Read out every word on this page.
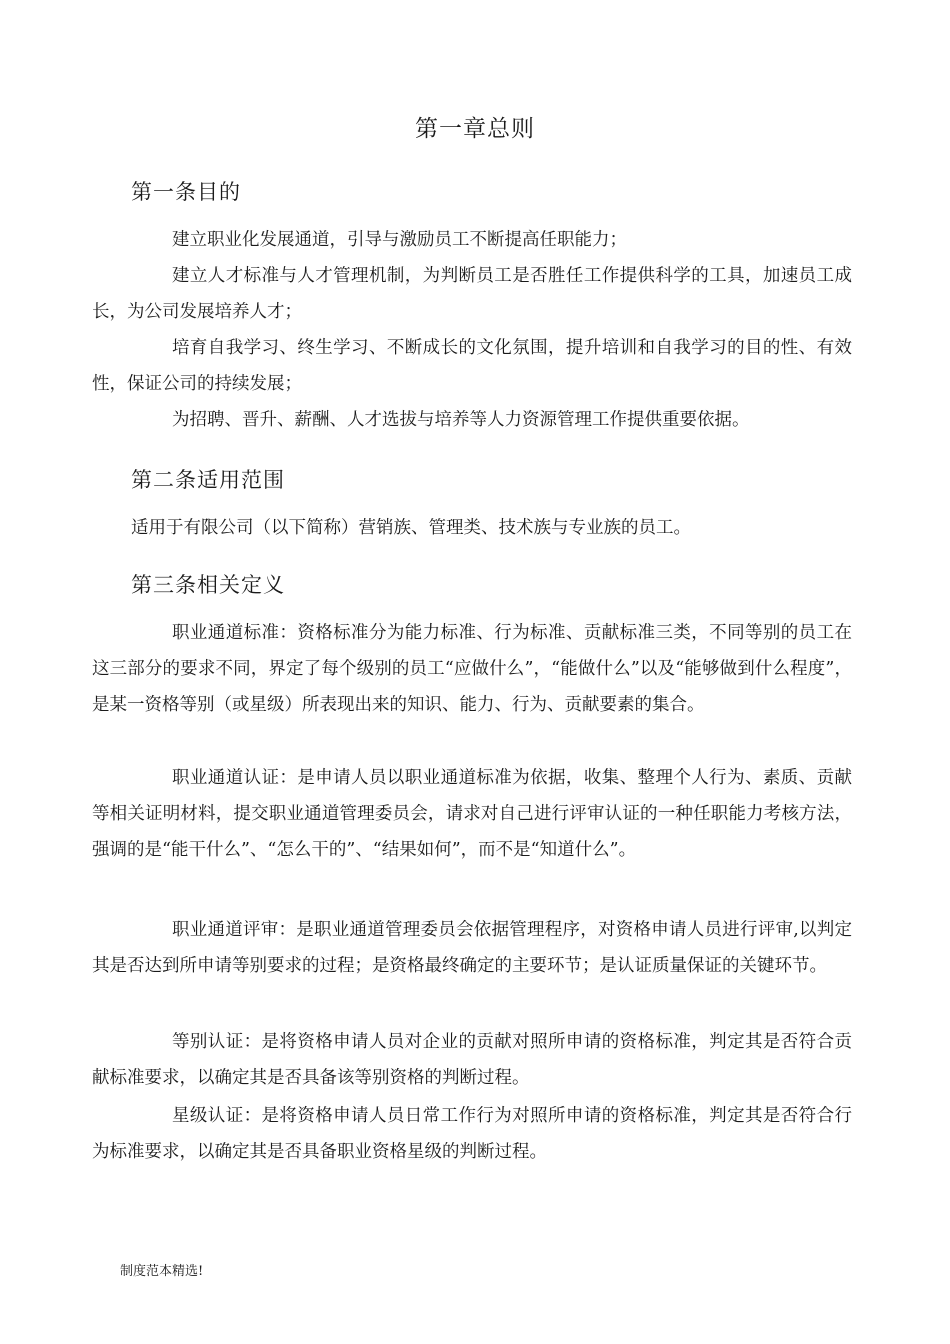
第一章总则
第一条目的

建立职业化发展通道，引导与激励员工不断提高任职能力；

建立人才标准与人才管理机制，为判断员工是否胜任工作提供科学的工具，加速员工成长，为公司发展培养人才；

培育自我学习、终生学习、不断成长的文化氛围，提升培训和自我学习的目的性、有效性，保证公司的持续发展；

为招聘、晋升、薪酬、人才选拔与培养等人力资源管理工作提供重要依据。

第二条适用范围

适用于有限公司（以下简称）营销族、管理类、技术族与专业族的员工。

第三条相关定义

职业通道标准：资格标准分为能力标准、行为标准、贡献标准三类，不同等别的员工在这三部分的要求不同，界定了每个级别的员工“应做什么”，“能做什么”以及“能够做到什么程度”，是某一资格等别（或星级）所表现出来的知识、能力、行为、贡献要素的集合。

职业通道认证：是申请人员以职业通道标准为依据，收集、整理个人行为、素质、贡献等相关证明材料，提交职业通道管理委员会，请求对自己进行评审认证的一种任职能力考核方法，强调的是“能干什么”、“怎么干的”、“结果如何”，而不是“知道什么”。

职业通道评审：是职业通道管理委员会依据管理程序，对资格申请人员进行评审,以判定其是否达到所申请等别要求的过程；是资格最终确定的主要环节；是认证质量保证的关键环节。

等别认证：是将资格申请人员对企业的贡献对照所申请的资格标准，判定其是否符合贡献标准要求，以确定其是否具备该等别资格的判断过程。

星级认证：是将资格申请人员日常工作行为对照所申请的资格标准，判定其是否符合行为标准要求，以确定其是否具备职业资格星级的判断过程。

制度范本精选!
